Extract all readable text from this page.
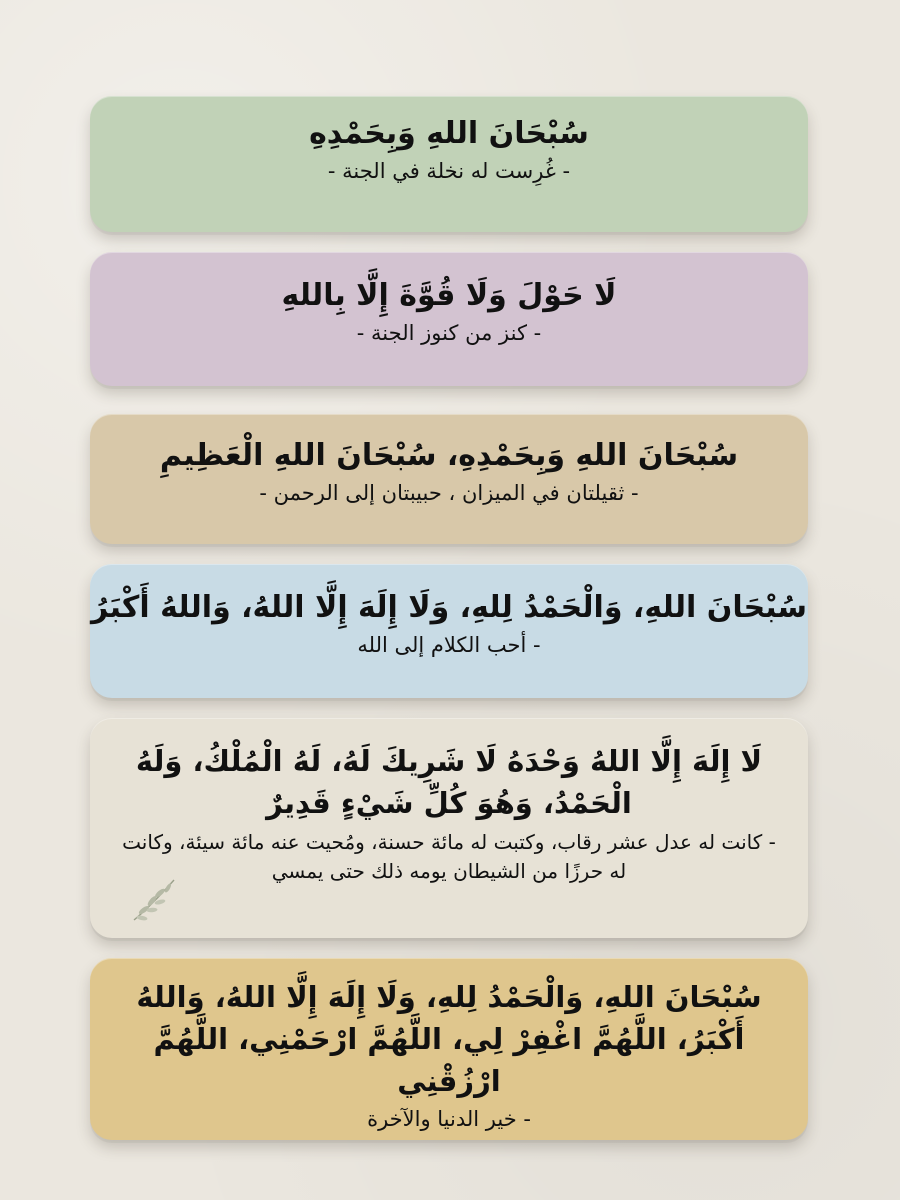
سُبْحَانَ اللهِ وَبِحَمْدِهِ
- غُرِست له نخلة في الجنة -
لَا حَوْلَ وَلَا قُوَّةَ إِلَّا بِاللهِ
- كنز من كنوز الجنة -
سُبْحَانَ اللهِ وَبِحَمْدِهِ، سُبْحَانَ اللهِ الْعَظِيمِ
- ثقيلتان في الميزان ، حبيبتان إلى الرحمن -
سُبْحَانَ اللهِ، وَالْحَمْدُ لِلهِ، وَلَا إِلَهَ إِلَّا اللهُ، وَاللهُ أَكْبَرُ
- أحب الكلام إلى الله
لَا إِلَهَ إِلَّا اللهُ وَحْدَهُ لَا شَرِيكَ لَهُ، لَهُ الْمُلْكُ، وَلَهُ الْحَمْدُ، وَهُوَ كُلِّ شَيْءٍ قَدِيرٌ
- كانت له عدل عشر رقاب، وكتبت له مائة حسنة، ومُحيت عنه مائة سيئة، وكانت له حرزًا من الشيطان يومه ذلك حتى يمسي
سُبْحَانَ اللهِ، وَالْحَمْدُ لِلهِ، وَلَا إِلَهَ إِلَّا اللهُ، وَاللهُ أَكْبَرُ، اللَّهُمَّ اغْفِرْ لِي، اللَّهُمَّ ارْحَمْنِي، اللَّهُمَّ ارْزُقْنِي
- خير الدنيا والآخرة
